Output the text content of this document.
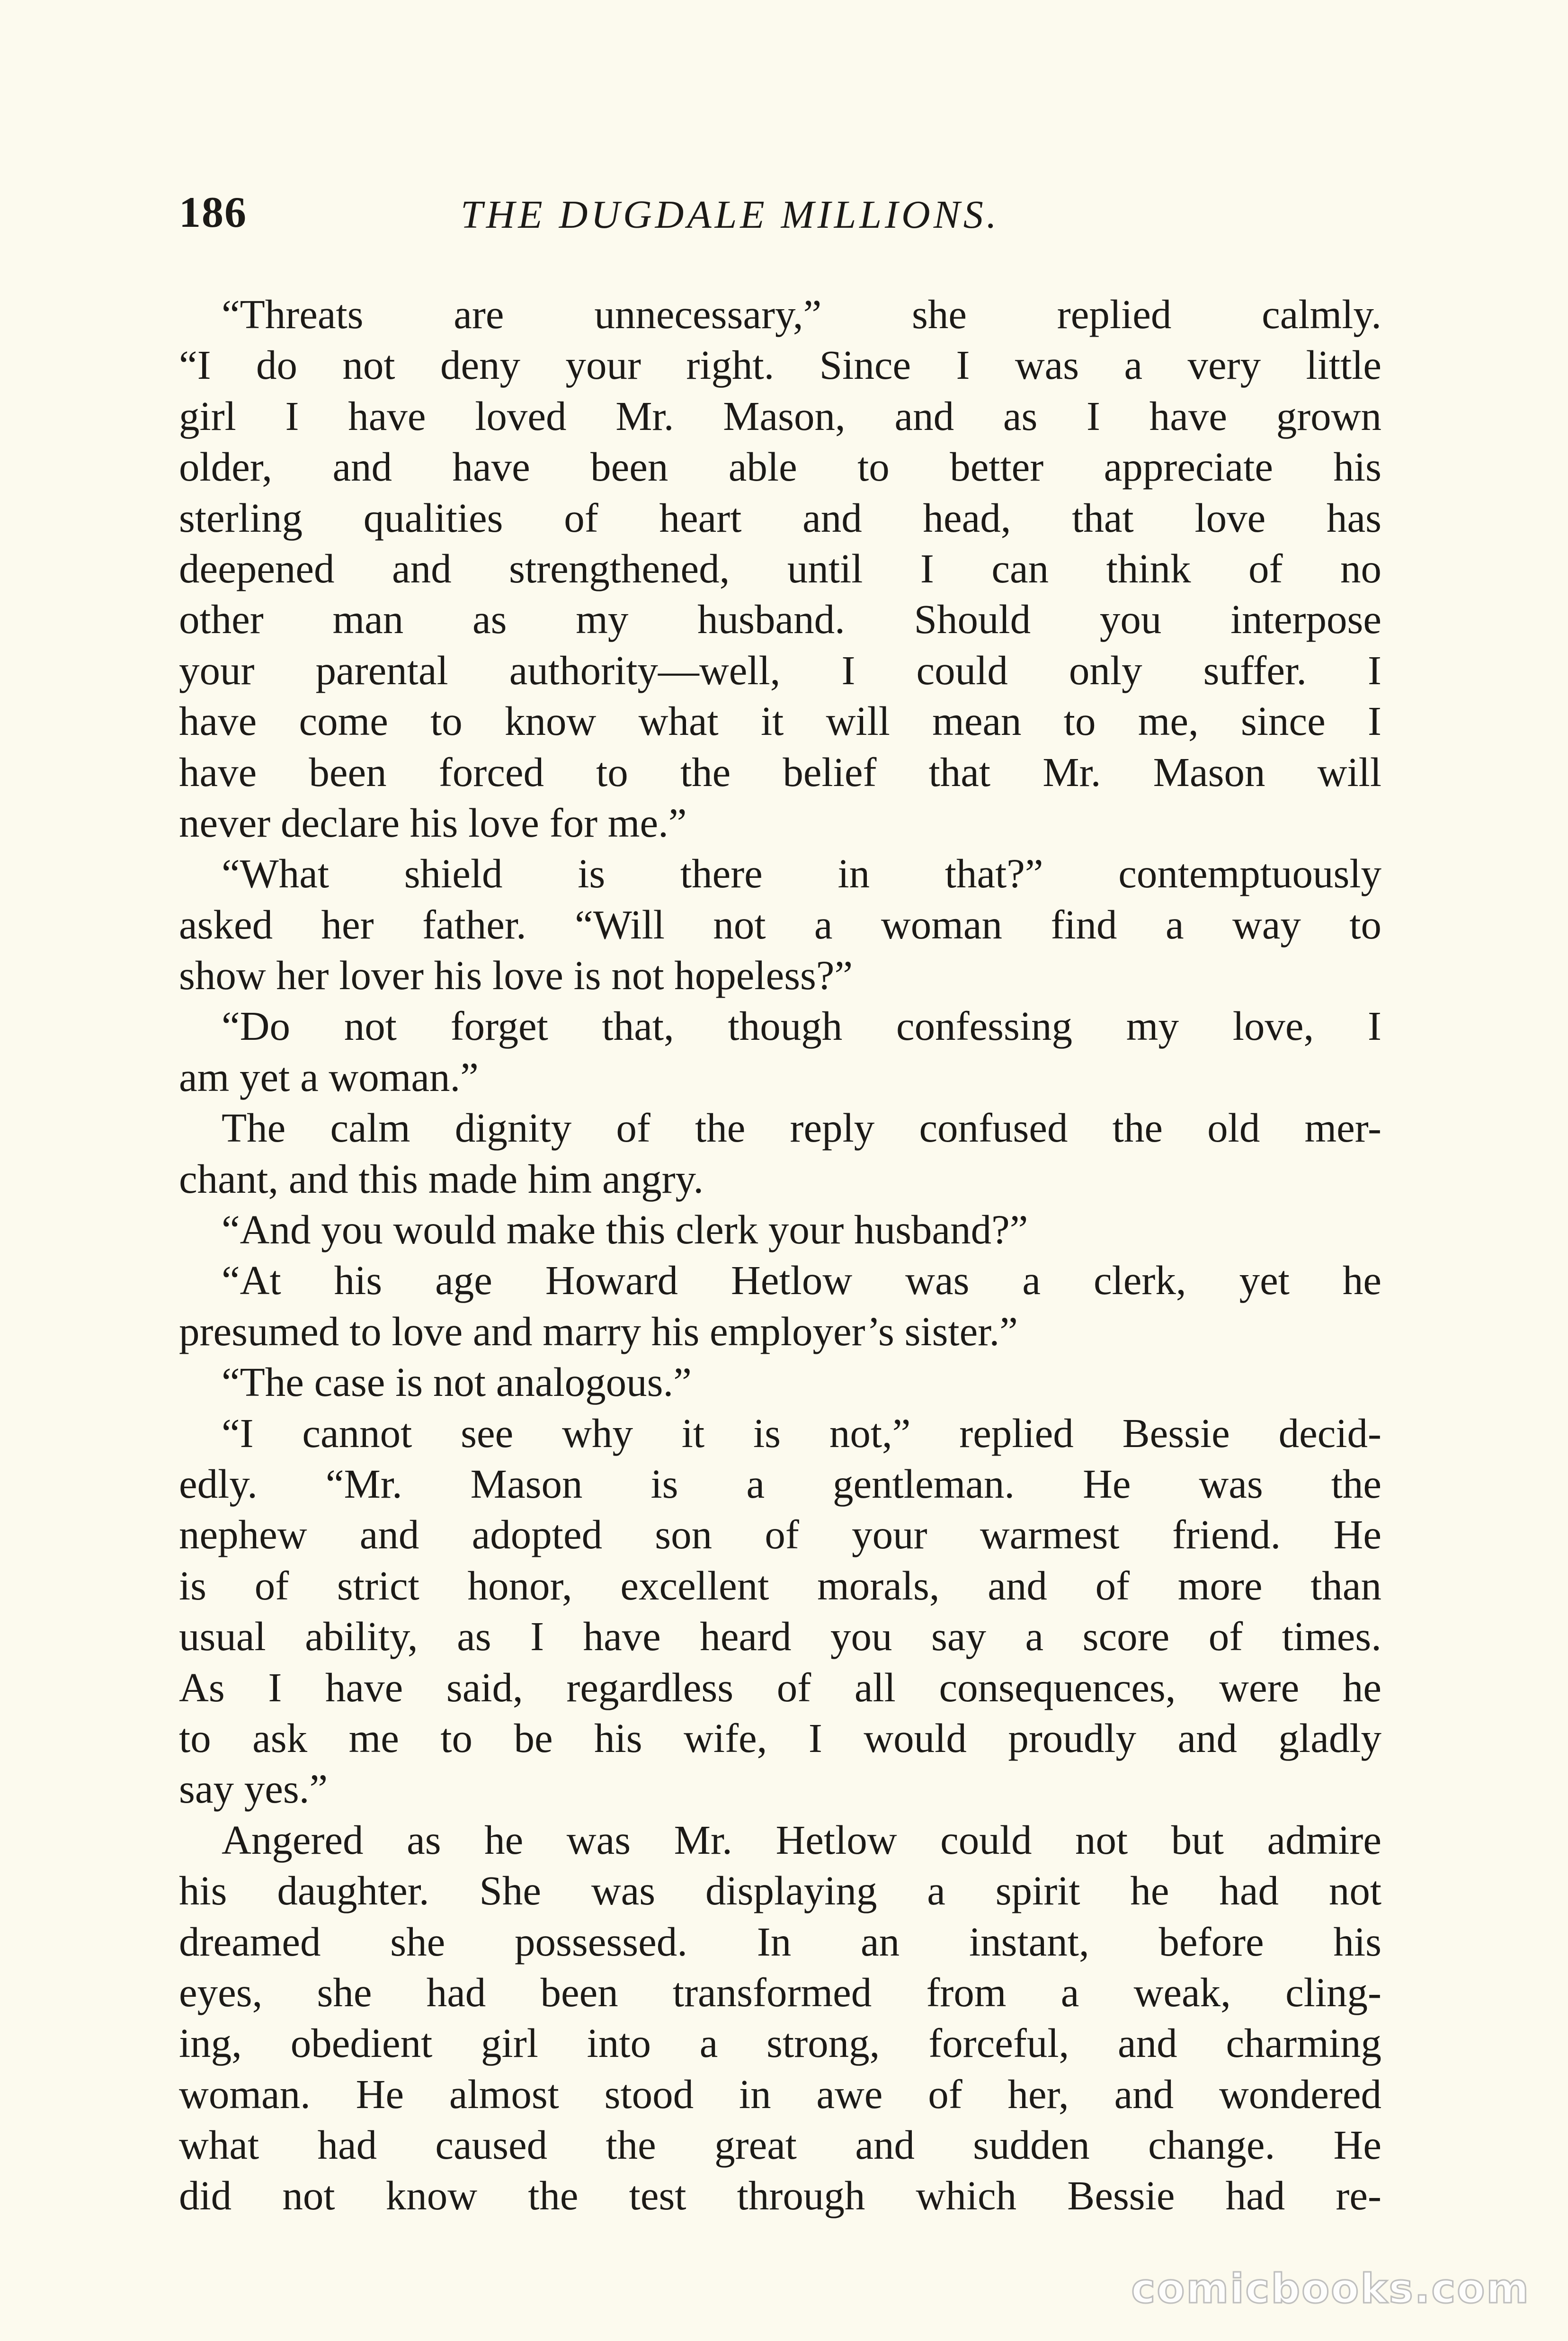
186	THE DUGDALE MILLIONS.
“Threats are unnecessary,” she replied calmly.
“I do not deny your right. Since I was a very little
girl I have loved Mr. Mason, and as I have grown
older, and have been able to better appreciate his
sterling qualities of heart and head, that love has
deepened and strengthened, until I can think of no
other man as my husband. Should you interpose
your parental authority—well, I could only suffer. I
have come to know what it will mean to me, since I
have been forced to the belief that Mr. Mason will
never declare his love for me.”
“What shield is there in that?” contemptuously
asked her father. “Will not a woman find a way to
show her lover his love is not hopeless?”
“Do not forget that, though confessing my love, I
am yet a woman.”
The calm dignity of the reply confused the old mer-
chant, and this made him angry.
“And you would make this clerk your husband?”
“At his age Howard Hetlow was a clerk, yet he
presumed to love and marry his employer’s sister.”
“The case is not analogous.”
“I cannot see why it is not,” replied Bessie decid-
edly. “Mr. Mason is a gentleman. He was the
nephew and adopted son of your warmest friend. He
is of strict honor, excellent morals, and of more than
usual ability, as I have heard you say a score of times.
As I have said, regardless of all consequences, were he
to ask me to be his wife, I would proudly and gladly
say yes.”
Angered as he was Mr. Hetlow could not but admire
his daughter. She was displaying a spirit he had not
dreamed she possessed. In an instant, before his
eyes, she had been transformed from a weak, cling-
ing, obedient girl into a strong, forceful, and charming
woman. He almost stood in awe of her, and wondered
what had caused the great and sudden change. He
did not know the test through which Bessie had re-
comicbooks.com
